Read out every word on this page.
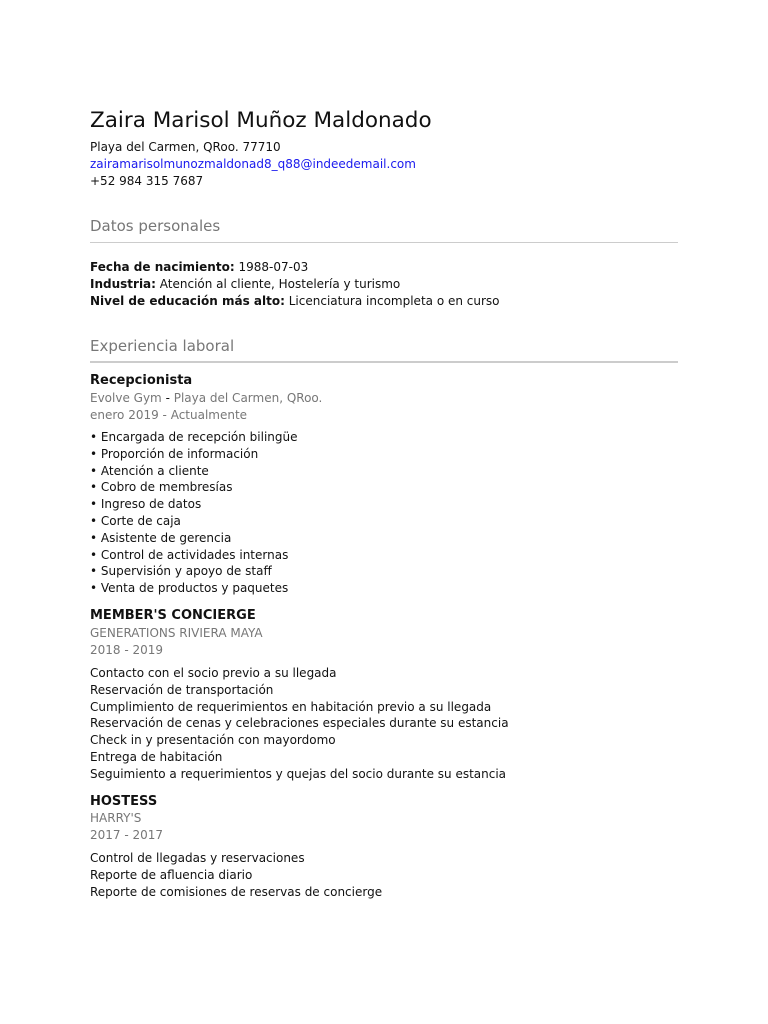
Zaira Marisol Muñoz Maldonado
Playa del Carmen, QRoo. 77710
zairamarisolmunozmaldonad8_q88@indeedemail.com
+52 984 315 7687
Datos personales
Fecha de nacimiento: 1988-07-03
Industria: Atención al cliente, Hostelería y turismo
Nivel de educación más alto: Licenciatura incompleta o en curso
Experiencia laboral
Recepcionista
Evolve Gym - Playa del Carmen, QRoo.
enero 2019 - Actualmente
• Encargada de recepción bilingüe
• Proporción de información
• Atención a cliente
• Cobro de membresías
• Ingreso de datos
• Corte de caja
• Asistente de gerencia
• Control de actividades internas
• Supervisión y apoyo de staff
• Venta de productos y paquetes
MEMBER'S CONCIERGE
GENERATIONS RIVIERA MAYA
2018 - 2019
Contacto con el socio previo a su llegada
Reservación de transportación
Cumplimiento de requerimientos en habitación previo a su llegada
Reservación de cenas y celebraciones especiales durante su estancia
Check in y presentación con mayordomo
Entrega de habitación
Seguimiento a requerimientos y quejas del socio durante su estancia
HOSTESS
HARRY'S
2017 - 2017
Control de llegadas y reservaciones
Reporte de afluencia diario
Reporte de comisiones de reservas de concierge
